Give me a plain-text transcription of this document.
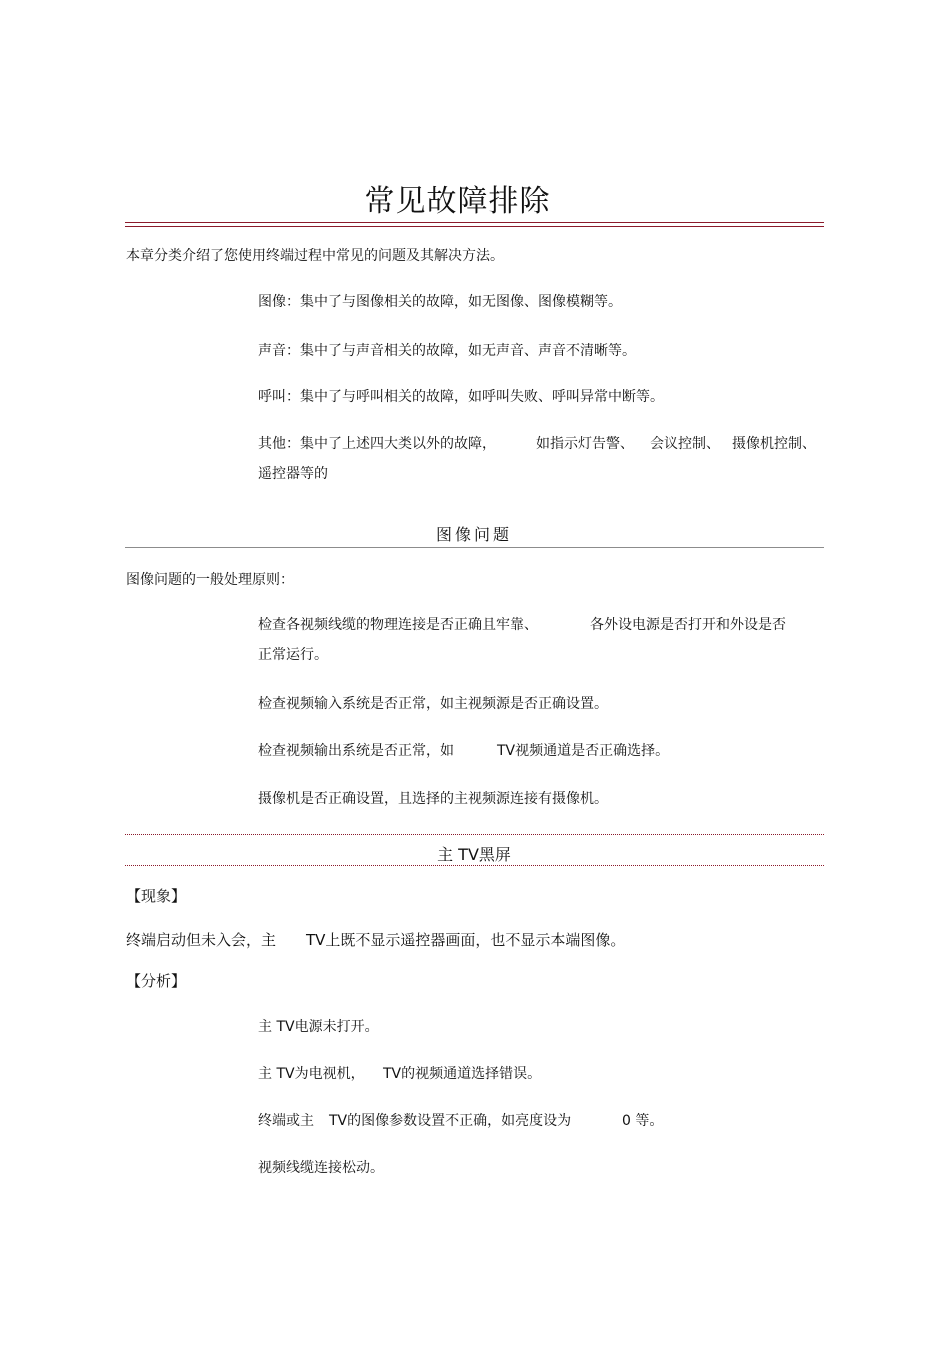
常见故障排除
本章分类介绍了您使用终端过程中常见的问题及其解决方法。
图像：集中了与图像相关的故障，如无图像、图像模糊等。
声音：集中了与声音相关的故障，如无声音、声音不清晰等。
呼叫：集中了与呼叫相关的故障，如呼叫失败、呼叫异常中断等。
其他：集中了上述四大类以外的故障，	如指示灯告警、 会议控制、 摄像机控制、
遥控器等的
图像问题
图像问题的一般处理原则：
检查各视频线缆的物理连接是否正确且牢靠、	各外设电源是否打开和外设是否
正常运行。
检查视频输入系统是否正常，如主视频源是否正确设置。
检查视频输出系统是否正常，如	TV视频通道是否正确选择。
摄像机是否正确设置，且选择的主视频源连接有摄像机。
主 TV黑屏
【现象】
终端启动但未入会，主 TV上既不显示遥控器画面，也不显示本端图像。
【分析】
主 TV电源未打开。
主 TV为电视机， TV的视频通道选择错误。
终端或主 TV的图像参数设置不正确，如亮度设为	0 等。
视频线缆连接松动。
